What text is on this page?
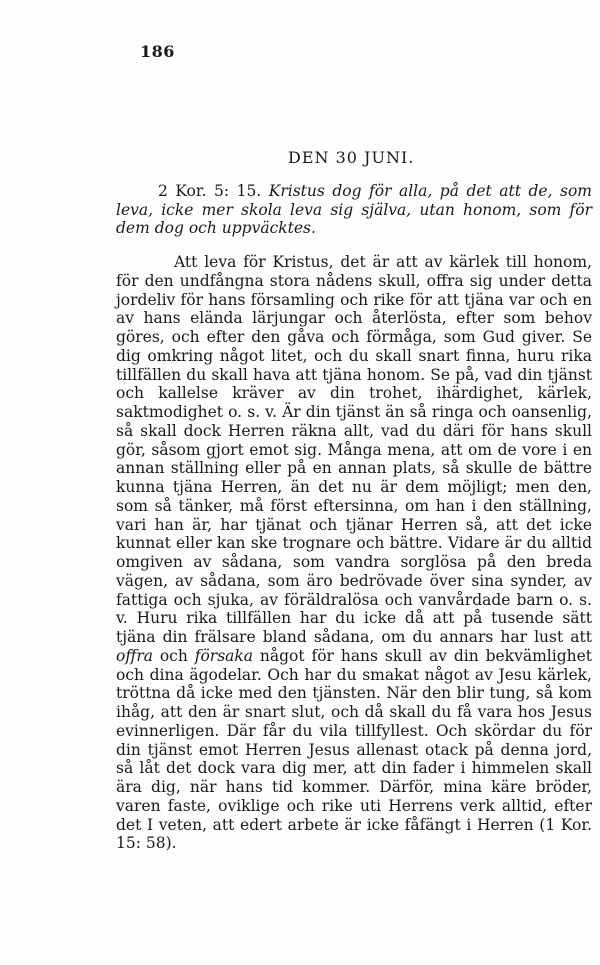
186
DEN 30 JUNI.
2 Kor. 5: 15. Kristus dog för alla, på det att de, som leva, icke mer skola leva sig själva, utan honom, som för dem dog och uppväcktes.

Att leva för Kristus, det är att av kärlek till honom, för den undfångna stora nådens skull, offra sig under detta jordeliv för hans församling och rike för att tjäna var och en av hans elända lärjungar och återlösta, efter som behov göres, och efter den gåva och förmåga, som Gud giver. Se dig omkring något litet, och du skall snart finna, huru rika tillfällen du skall hava att tjäna honom. Se på, vad din tjänst och kallelse kräver av din trohet, ihärdighet, kärlek, saktmodighet o. s. v. Är din tjänst än så ringa och oansenlig, så skall dock Herren räkna allt, vad du däri för hans skull gör, såsom gjort emot sig. Många mena, att om de vore i en annan ställning eller på en annan plats, så skulle de bättre kunna tjäna Herren, än det nu är dem möjligt; men den, som så tänker, må först eftersinna, om han i den ställning, vari han är, har tjänat och tjänar Herren så, att det icke kunnat eller kan ske trognare och bättre. Vidare är du alltid omgiven av sådana, som vandra sorglösa på den breda vägen, av sådana, som äro bedrövade över sina synder, av fattiga och sjuka, av föräldralösa och vanvårdade barn o. s. v. Huru rika tillfällen har du icke då att på tusende sätt tjäna din frälsare bland sådana, om du annars har lust att offra och försaka något för hans skull av din bekvämlighet och dina ägodelar. Och har du smakat något av Jesu kärlek, tröttna då icke med den tjänsten. När den blir tung, så kom ihåg, att den är snart slut, och då skall du få vara hos Jesus evinnerligen. Där får du vila tillfyllest. Och skördar du för din tjänst emot Herren Jesus allenast otack på denna jord, så låt det dock vara dig mer, att din fader i himmelen skall ära dig, när hans tid kommer. Därför, mina käre bröder, varen faste, oviklige och rike uti Herrens verk alltid, efter det I veten, att edert arbete är icke fåfängt i Herren (1 Kor. 15: 58).
